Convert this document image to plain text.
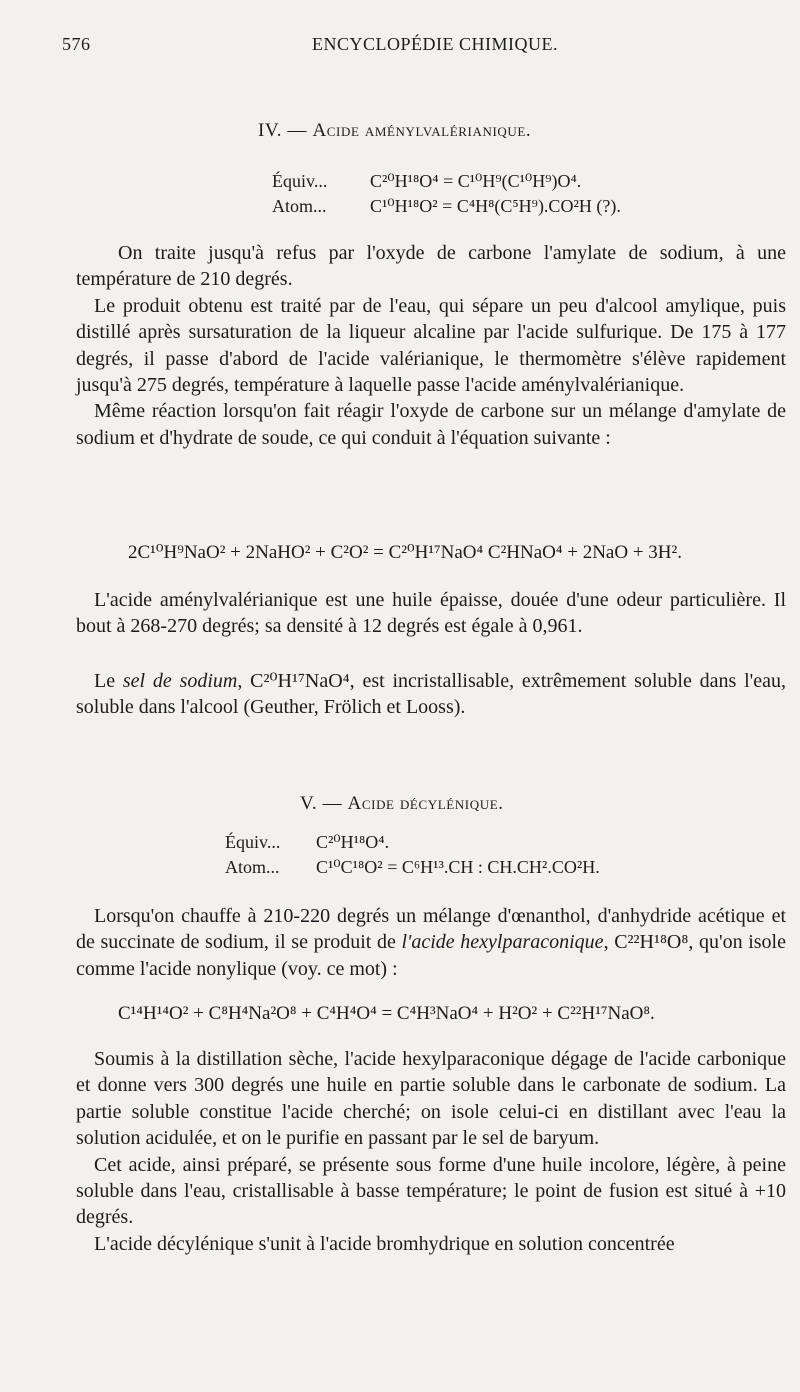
576	ENCYCLOPÉDIE CHIMIQUE.
IV. — Acide aménylvalérianique.
Équiv... C²⁰H¹⁸O⁴ = C¹⁰H⁹(C¹⁰H⁹)O⁴.
Atom... C¹⁰H¹⁸O² = C⁴H⁸(C⁵H⁹).CO²H (?).

On traite jusqu'à refus par l'oxyde de carbone l'amylate de sodium, à une température de 210 degrés.

Le produit obtenu est traité par de l'eau, qui sépare un peu d'alcool amylique, puis distillé après sursaturation de la liqueur alcaline par l'acide sulfurique. De 175 à 177 degrés, il passe d'abord de l'acide valérianique, le thermomètre s'élève rapidement jusqu'à 275 degrés, température à laquelle passe l'acide aménylvalérianique.

Même réaction lorsqu'on fait réagir l'oxyde de carbone sur un mélange d'amylate de sodium et d'hydrate de soude, ce qui conduit à l'équation suivante :

2C¹⁰H⁹NaO² + 2NaHO² + C²O² = C²⁰H¹⁷NaO⁴ C²HNaO⁴ + 2NaO + 3H².

L'acide aménylvalérianique est une huile épaisse, douée d'une odeur particulière. Il bout à 268-270 degrés; sa densité à 12 degrés est égale à 0,961.

Le sel de sodium, C²⁰H¹⁷NaO⁴, est incristallisable, extrêmement soluble dans l'eau, soluble dans l'alcool (Geuther, Frölich et Looss).

V. — Acide décylénique.
Équiv... C²⁰H¹⁸O⁴.
Atom... C¹⁰C¹⁸O² = C⁶H¹³.CH : CH.CH².CO²H.

Lorsqu'on chauffe à 210-220 degrés un mélange d'œnanthol, d'anhydride acétique et de succinate de sodium, il se produit de l'acide hexylparaconique, C²²H¹⁸O⁸, qu'on isole comme l'acide nonylique (voy. ce mot) :

C¹⁴H¹⁴O² + C⁸H⁴Na²O⁸ + C⁴H⁴O⁴ = C⁴H³NaO⁴ + H²O² + C²²H¹⁷NaO⁸.

Soumis à la distillation sèche, l'acide hexylparaconique dégage de l'acide carbonique et donne vers 300 degrés une huile en partie soluble dans le carbonate de sodium. La partie soluble constitue l'acide cherché; on isole celui-ci en distillant avec l'eau la solution acidulée, et on le purifie en passant par le sel de baryum.

Cet acide, ainsi préparé, se présente sous forme d'une huile incolore, légère, à peine soluble dans l'eau, cristallisable à basse température; le point de fusion est situé à +10 degrés.

L'acide décylénique s'unit à l'acide bromhydrique en solution concentrée
